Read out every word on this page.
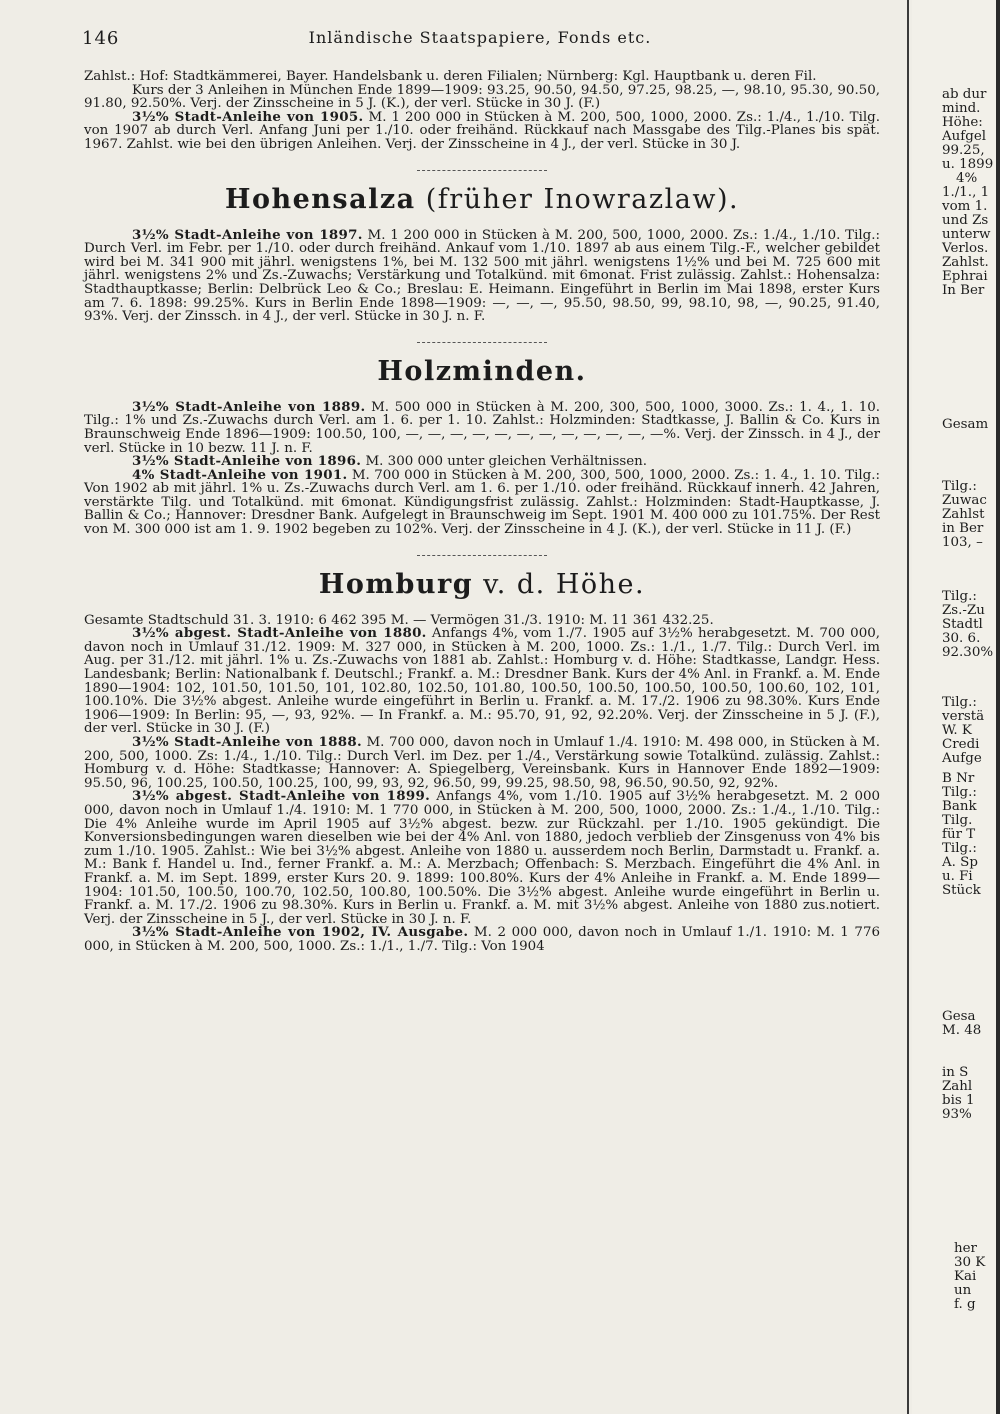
146	Inländische Staatspapiere, Fonds etc.

Zahlst.: Hof: Stadtkämmerei, Bayer. Handelsbank u. deren Filialen; Nürnberg: Kgl. Hauptbank u. deren Fil.

Kurs der 3 Anleihen in München Ende 1899—1909: 93.25, 90.50, 94.50, 97.25, 98.25, —, 98.10, 95.30, 90.50, 91.80, 92.50%. Verj. der Zinsscheine in 5 J. (K.), der verl. Stücke in 30 J. (F.)

3½% Stadt-Anleihe von 1905. M. 1 200 000 in Stücken à M. 200, 500, 1000, 2000. Zs.: 1./4., 1./10. Tilg. von 1907 ab durch Verl. Anfang Juni per 1./10. oder freihänd. Rückkauf nach Massgabe des Tilg.-Planes bis spät. 1967. Zahlst. wie bei den übrigen Anleihen. Verj. der Zinsscheine in 4 J., der verl. Stücke in 30 J.

Hohensalza (früher Inowrazlaw).

3½% Stadt-Anleihe von 1897. M. 1 200 000 in Stücken à M. 200, 500, 1000, 2000. Zs.: 1./4., 1./10. Tilg.: Durch Verl. im Febr. per 1./10. oder durch freihänd. Ankauf vom 1./10. 1897 ab aus einem Tilg.-F., welcher gebildet wird bei M. 341 900 mit jährl. wenigstens 1%, bei M. 132 500 mit jährl. wenigstens 1½% und bei M. 725 600 mit jährl. wenigstens 2% und Zs.-Zuwachs; Verstärkung und Totalkünd. mit 6monat. Frist zulässig. Zahlst.: Hohensalza: Stadthauptkasse; Berlin: Delbrück Leo & Co.; Breslau: E. Heimann. Eingeführt in Berlin im Mai 1898, erster Kurs am 7. 6. 1898: 99.25%. Kurs in Berlin Ende 1898—1909: —, —, —, 95.50, 98.50, 99, 98.10, 98, —, 90.25, 91.40, 93%. Verj. der Zinssch. in 4 J., der verl. Stücke in 30 J. n. F.

Holzminden.

3½% Stadt-Anleihe von 1889. M. 500 000 in Stücken à M. 200, 300, 500, 1000, 3000. Zs.: 1. 4., 1. 10. Tilg.: 1% und Zs.-Zuwachs durch Verl. am 1. 6. per 1. 10. Zahlst.: Holzminden: Stadtkasse, J. Ballin & Co. Kurs in Braunschweig Ende 1896—1909: 100.50, 100, —, —, —, —, —, —, —, —, —, —, —, —%. Verj. der Zinssch. in 4 J., der verl. Stücke in 10 bezw. 11 J. n. F.

3½% Stadt-Anleihe von 1896. M. 300 000 unter gleichen Verhältnissen.

4% Stadt-Anleihe von 1901. M. 700 000 in Stücken à M. 200, 300, 500, 1000, 2000. Zs.: 1. 4., 1. 10. Tilg.: Von 1902 ab mit jährl. 1% u. Zs.-Zuwachs durch Verl. am 1. 6. per 1./10. oder freihänd. Rückkauf innerh. 42 Jahren, verstärkte Tilg. und Totalkünd. mit 6monat. Kündigungsfrist zulässig. Zahlst.: Holzminden: Stadt-Hauptkasse, J. Ballin & Co.; Hannover: Dresdner Bank. Aufgelegt in Braunschweig im Sept. 1901 M. 400 000 zu 101.75%. Der Rest von M. 300 000 ist am 1. 9. 1902 begeben zu 102%. Verj. der Zinsscheine in 4 J. (K.), der verl. Stücke in 11 J. (F.)

Homburg v. d. Höhe.

Gesamte Stadtschuld 31. 3. 1910: 6 462 395 M. — Vermögen 31./3. 1910: M. 11 361 432.25.

3½% abgest. Stadt-Anleihe von 1880. Anfangs 4%, vom 1./7. 1905 auf 3½% herabgesetzt. M. 700 000, davon noch in Umlauf 31./12. 1909: M. 327 000, in Stücken à M. 200, 1000. Zs.: 1./1., 1./7. Tilg.: Durch Verl. im Aug. per 31./12. mit jährl. 1% u. Zs.-Zuwachs von 1881 ab. Zahlst.: Homburg v. d. Höhe: Stadtkasse, Landgr. Hess. Landesbank; Berlin: Nationalbank f. Deutschl.; Frankf. a. M.: Dresdner Bank. Kurs der 4% Anl. in Frankf. a. M. Ende 1890—1904: 102, 101.50, 101.50, 101, 102.80, 102.50, 101.80, 100.50, 100.50, 100.50, 100.50, 100.60, 102, 101, 100.10%. Die 3½% abgest. Anleihe wurde eingeführt in Berlin u. Frankf. a. M. 17./2. 1906 zu 98.30%. Kurs Ende 1906—1909: In Berlin: 95, —, 93, 92%. — In Frankf. a. M.: 95.70, 91, 92, 92.20%. Verj. der Zinsscheine in 5 J. (F.), der verl. Stücke in 30 J. (F.)

3½% Stadt-Anleihe von 1888. M. 700 000, davon noch in Umlauf 1./4. 1910: M. 498 000, in Stücken à M. 200, 500, 1000. Zs: 1./4., 1./10. Tilg.: Durch Verl. im Dez. per 1./4., Verstärkung sowie Totalkünd. zulässig. Zahlst.: Homburg v. d. Höhe: Stadtkasse; Hannover: A. Spiegelberg, Vereinsbank. Kurs in Hannover Ende 1892—1909: 95.50, 96, 100.25, 100.50, 100.25, 100, 99, 93, 92, 96.50, 99, 99.25, 98.50, 98, 96.50, 90.50, 92, 92%.

3½% abgest. Stadt-Anleihe von 1899. Anfangs 4%, vom 1./10. 1905 auf 3½% herabgesetzt. M. 2 000 000, davon noch in Umlauf 1./4. 1910: M. 1 770 000, in Stücken à M. 200, 500, 1000, 2000. Zs.: 1./4., 1./10. Tilg.: Die 4% Anleihe wurde im April 1905 auf 3½% abgest. bezw. zur Rückzahl. per 1./10. 1905 gekündigt. Die Konversionsbedingungen waren dieselben wie bei der 4% Anl. von 1880, jedoch verblieb der Zinsgenuss von 4% bis zum 1./10. 1905. Zahlst.: Wie bei 3½% abgest. Anleihe von 1880 u. ausserdem noch Berlin, Darmstadt u. Frankf. a. M.: Bank f. Handel u. Ind., ferner Frankf. a. M.: A. Merzbach; Offenbach: S. Merzbach. Eingeführt die 4% Anl. in Frankf. a. M. im Sept. 1899, erster Kurs 20. 9. 1899: 100.80%. Kurs der 4% Anleihe in Frankf. a. M. Ende 1899—1904: 101.50, 100.50, 100.70, 102.50, 100.80, 100.50%. Die 3½% abgest. Anleihe wurde eingeführt in Berlin u. Frankf. a. M. 17./2. 1906 zu 98.30%. Kurs in Berlin u. Frankf. a. M. mit 3½% abgest. Anleihe von 1880 zus.notiert. Verj. der Zinsscheine in 5 J., der verl. Stücke in 30 J. n. F.

3½% Stadt-Anleihe von 1902, IV. Ausgabe. M. 2 000 000, davon noch in Umlauf 1./1. 1910: M. 1 776 000, in Stücken à M. 200, 500, 1000. Zs.: 1./1., 1./7. Tilg.: Von 1904

ab dur
mind.
Höhe:
Aufgel
99.25,
u. 1899
4%
1./1., 1
vom 1.
und Zs
unterw
Verlos.
Zahlst.
Ephrai
In Ber
Gesam
Tilg.:
Zuwac
Zahlst
in Ber
103, –
Tilg.:
Zs.-Zu
Stadtl
30. 6.
92.30%
Tilg.:
verstä
W. K
Credi
Aufge
B Nr
Tilg.:
Bank
Tilg.
für T
Tilg.:
A. Sp
u. Fi
Stück
Gesa
M. 48
in S
Zahl
bis 1
93%
her
30 K
Kai
un
f. g
